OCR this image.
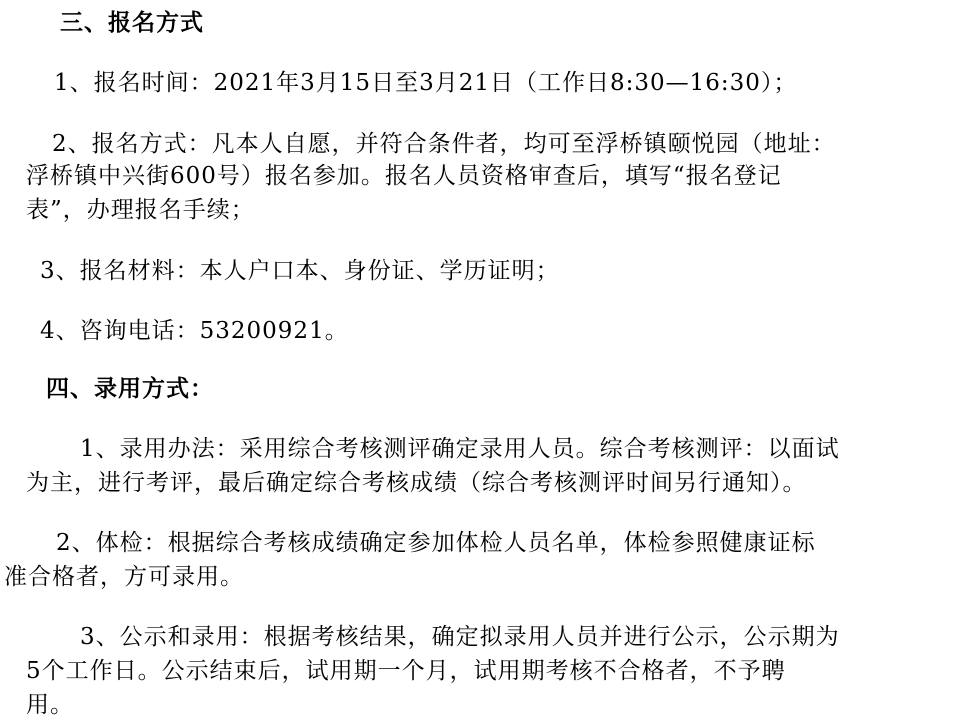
三、报名方式
1、报名时间：2021年3月15日至3月21日（工作日8:30—16:30）；
2、报名方式：凡本人自愿，并符合条件者，均可至浮桥镇颐悦园（地址：
浮桥镇中兴街600号）报名参加。报名人员资格审查后，填写“报名登记
表”，办理报名手续；
3、报名材料：本人户口本、身份证、学历证明；
4、咨询电话：53200921。
四、录用方式：
1、录用办法：采用综合考核测评确定录用人员。综合考核测评：以面试
为主，进行考评，最后确定综合考核成绩（综合考核测评时间另行通知）。
2、体检：根据综合考核成绩确定参加体检人员名单，体检参照健康证标
准合格者，方可录用。
3、公示和录用：根据考核结果，确定拟录用人员并进行公示，公示期为
5个工作日。公示结束后，试用期一个月，试用期考核不合格者，不予聘
用。
